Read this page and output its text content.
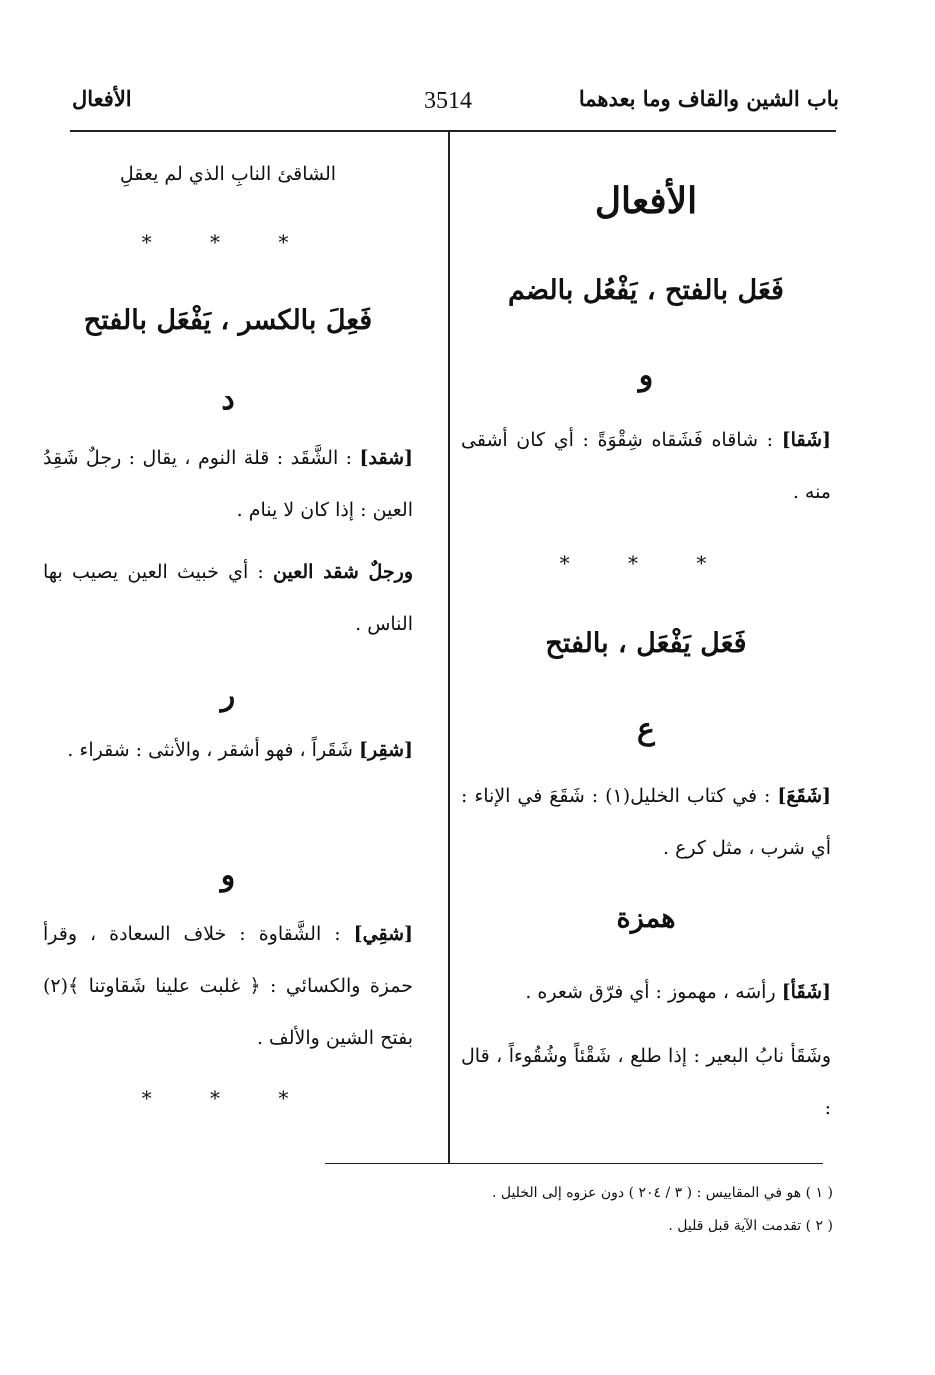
باب الشين والقاف وما بعدهما
3514
الأفعال
الأفعال
فَعَل بالفتح ، يَفْعُل بالضم
و
[شَقا] : شاقاه فَشَقاه شِقْوَةً : أي كان أشقى منه .
* * *
فَعَل يَفْعَل ، بالفتح
ع
[شَقَعَ] : في كتاب الخليل(١) : شَقَعَ في الإناء : أي شرب ، مثل كرع .
همزة
[شَقَأ] رأسَه ، مهموز : أي فرّق شعره .
وشَقَأ نابُ البعير : إذا طلع ، شَقْئاً وشُقُوءاً ، قال :
الشاقئ النابِ الذي لم يعقلِ
* * *
فَعِلَ بالكسر ، يَفْعَل بالفتح
د
[شقد] : الشَّقَد : قلة النوم ، يقال : رجلٌ شَقِدُ العين : إذا كان لا ينام .
ورجلٌ شقد العين : أي خبيث العين يصيب بها الناس .
ر
[شقِر] شَقَراً ، فهو أشقر ، والأنثى : شقراء .
و
[شقِي] : الشَّقاوة : خلاف السعادة ، وقرأ حمزة والكسائي : ﴿ غلبت علينا شَقاوتنا ﴾(٢) بفتح الشين والألف .
* * *
( ١ ) هو في المقاييس : ( ٣ / ٢٠٤ ) دون عزوه إلى الخليل .
( ٢ ) تقدمت الآية قبل قليل .
